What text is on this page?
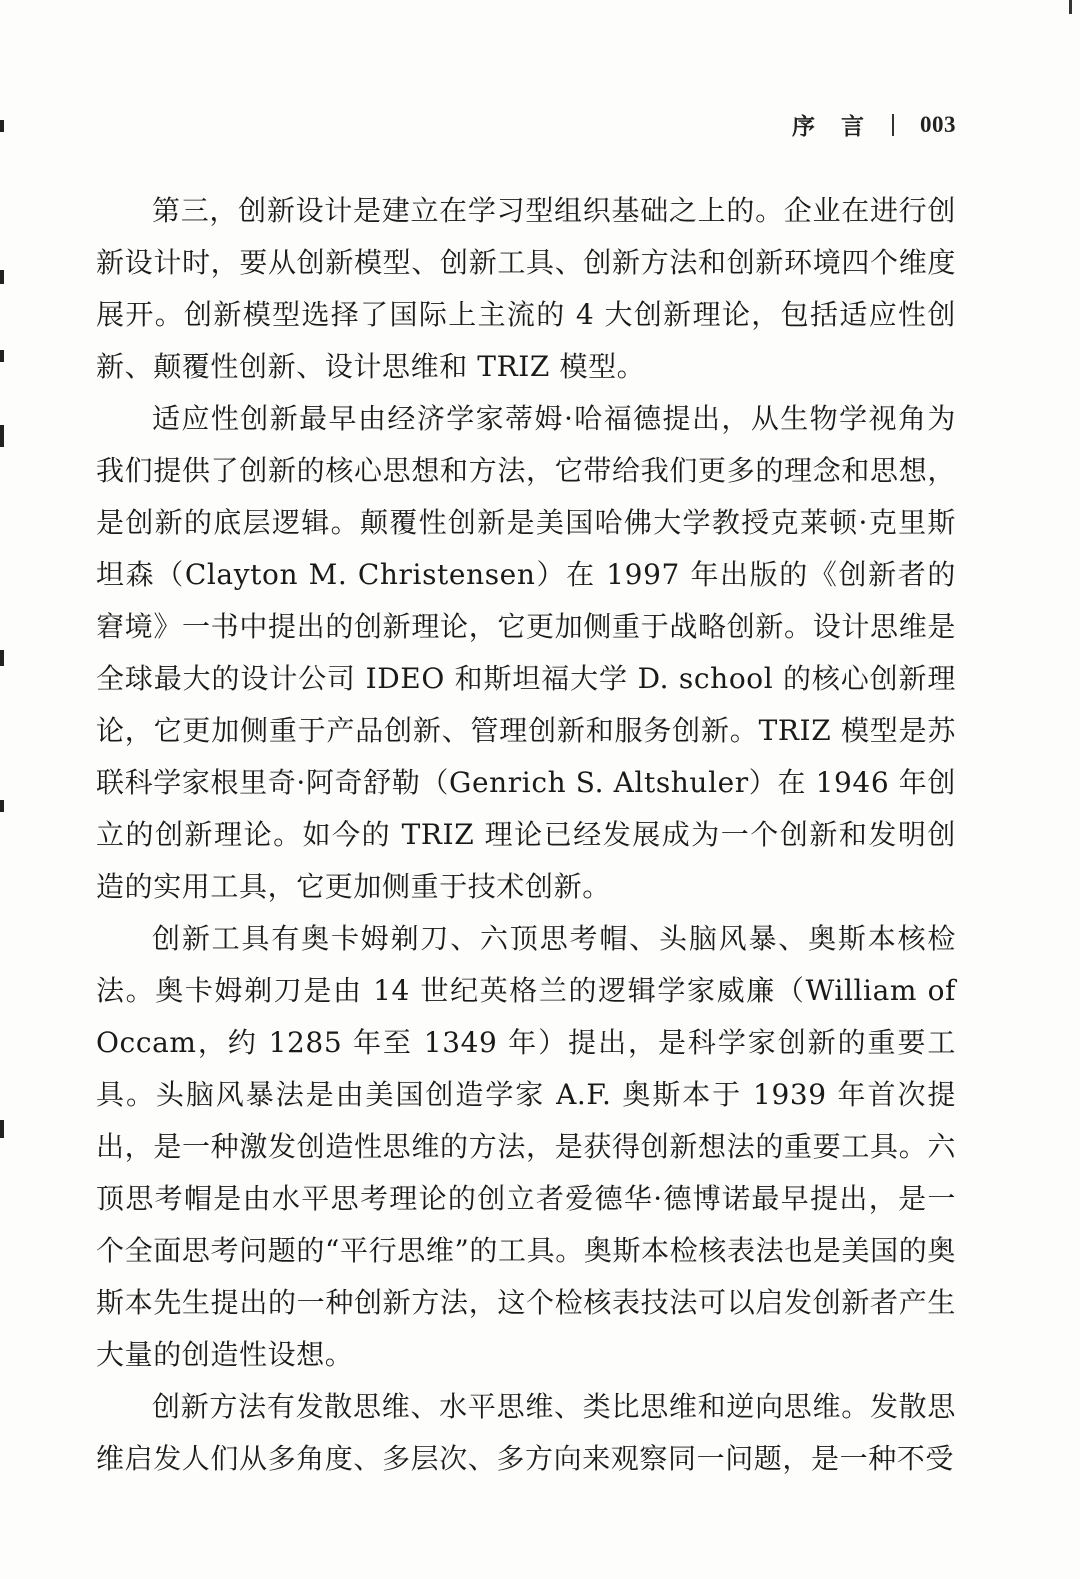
序言 003

第三，创新设计是建立在学习型组织基础之上的。企业在进行创新设计时，要从创新模型、创新工具、创新方法和创新环境四个维度展开。创新模型选择了国际上主流的 4 大创新理论，包括适应性创新、颠覆性创新、设计思维和 TRIZ 模型。

适应性创新最早由经济学家蒂姆·哈福德提出，从生物学视角为我们提供了创新的核心思想和方法，它带给我们更多的理念和思想，是创新的底层逻辑。颠覆性创新是美国哈佛大学教授克莱顿·克里斯坦森（Clayton M. Christensen）在 1997 年出版的《创新者的窘境》一书中提出的创新理论，它更加侧重于战略创新。设计思维是全球最大的设计公司 IDEO 和斯坦福大学 D. school 的核心创新理论，它更加侧重于产品创新、管理创新和服务创新。TRIZ 模型是苏联科学家根里奇·阿奇舒勒（Genrich S. Altshuler）在 1946 年创立的创新理论。如今的 TRIZ 理论已经发展成为一个创新和发明创造的实用工具，它更加侧重于技术创新。

创新工具有奥卡姆剃刀、六顶思考帽、头脑风暴、奥斯本核检法。奥卡姆剃刀是由 14 世纪英格兰的逻辑学家威廉（William of Occam，约 1285 年至 1349 年）提出，是科学家创新的重要工具。头脑风暴法是由美国创造学家 A.F. 奥斯本于 1939 年首次提出，是一种激发创造性思维的方法，是获得创新想法的重要工具。六顶思考帽是由水平思考理论的创立者爱德华·德博诺最早提出，是一个全面思考问题的“平行思维”的工具。奥斯本检核表法也是美国的奥斯本先生提出的一种创新方法，这个检核表技法可以启发创新者产生大量的创造性设想。

创新方法有发散思维、水平思维、类比思维和逆向思维。发散思维启发人们从多角度、多层次、多方向来观察同一问题，是一种不受
